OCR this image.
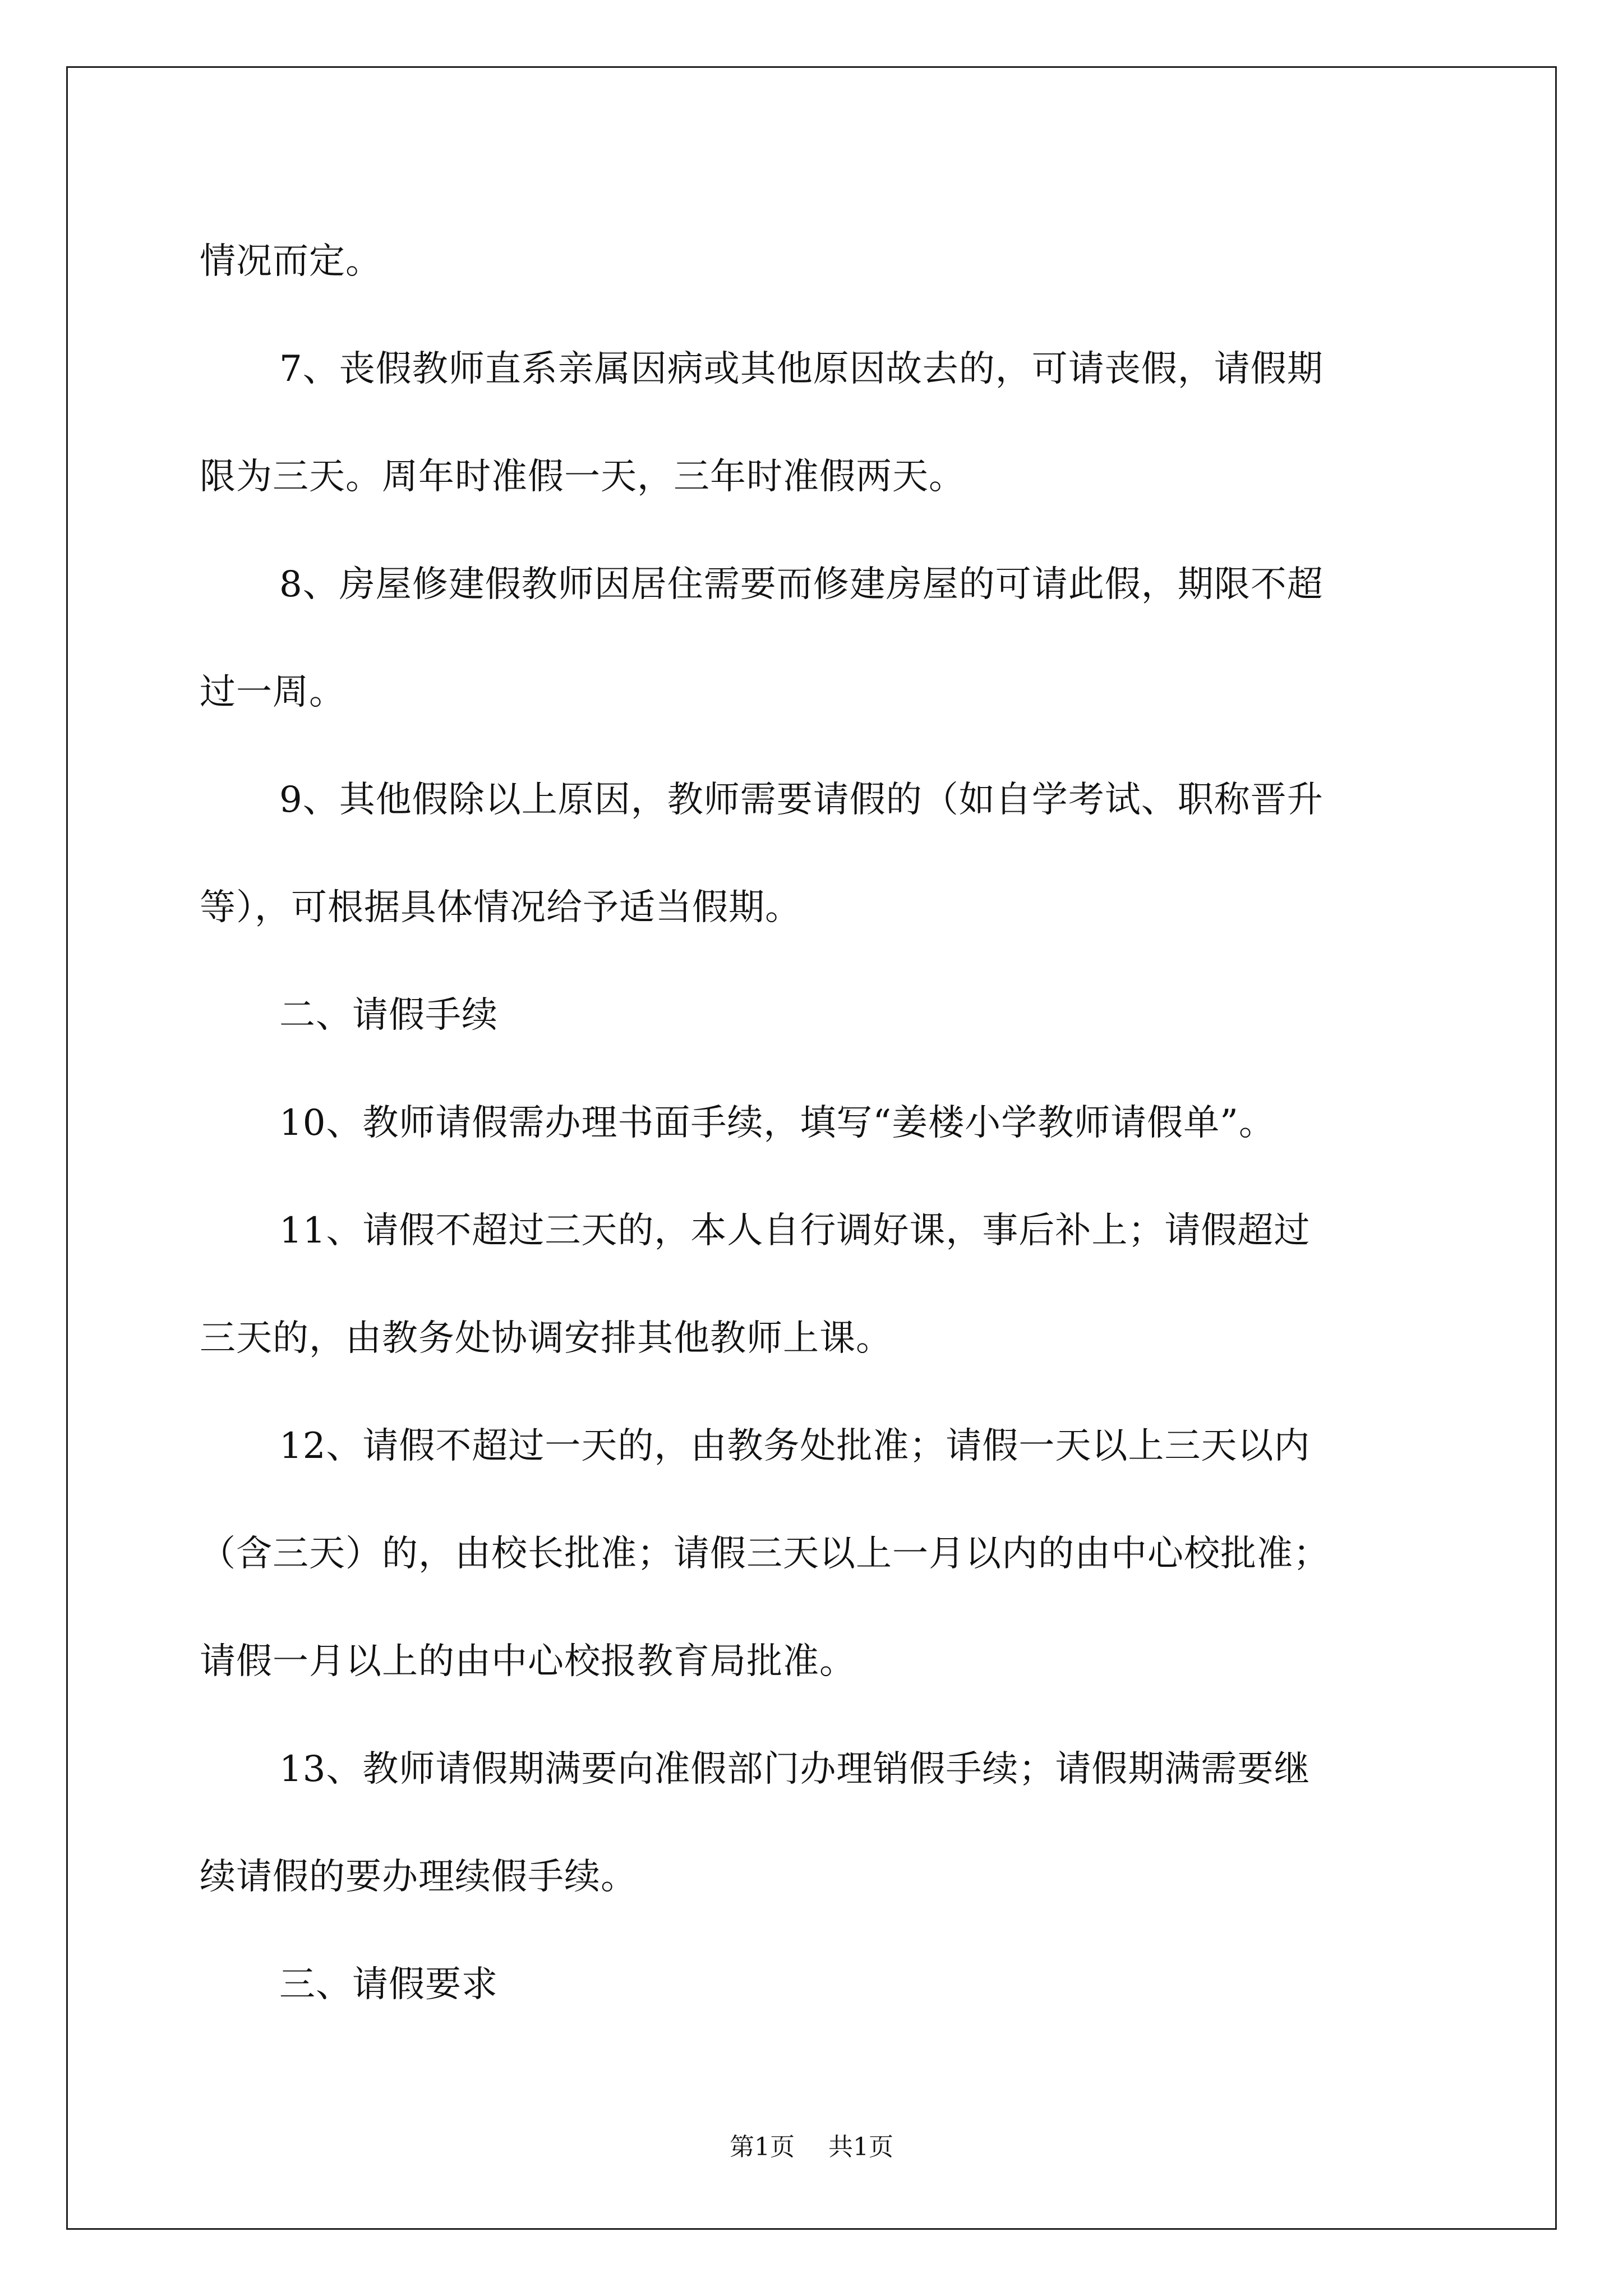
情况而定。

7、丧假教师直系亲属因病或其他原因故去的，可请丧假，请假期

限为三天。周年时准假一天，三年时准假两天。

8、房屋修建假教师因居住需要而修建房屋的可请此假，期限不超

过一周。

9、其他假除以上原因，教师需要请假的（如自学考试、职称晋升

等），可根据具体情况给予适当假期。

二、请假手续

10、教师请假需办理书面手续，填写“姜楼小学教师请假单”。

11、请假不超过三天的，本人自行调好课，事后补上；请假超过

三天的，由教务处协调安排其他教师上课。

12、请假不超过一天的，由教务处批准；请假一天以上三天以内

（含三天）的，由校长批准；请假三天以上一月以内的由中心校批准；

请假一月以上的由中心校报教育局批准。

13、教师请假期满要向准假部门办理销假手续；请假期满需要继

续请假的要办理续假手续。

三、请假要求

第1页 共1页
